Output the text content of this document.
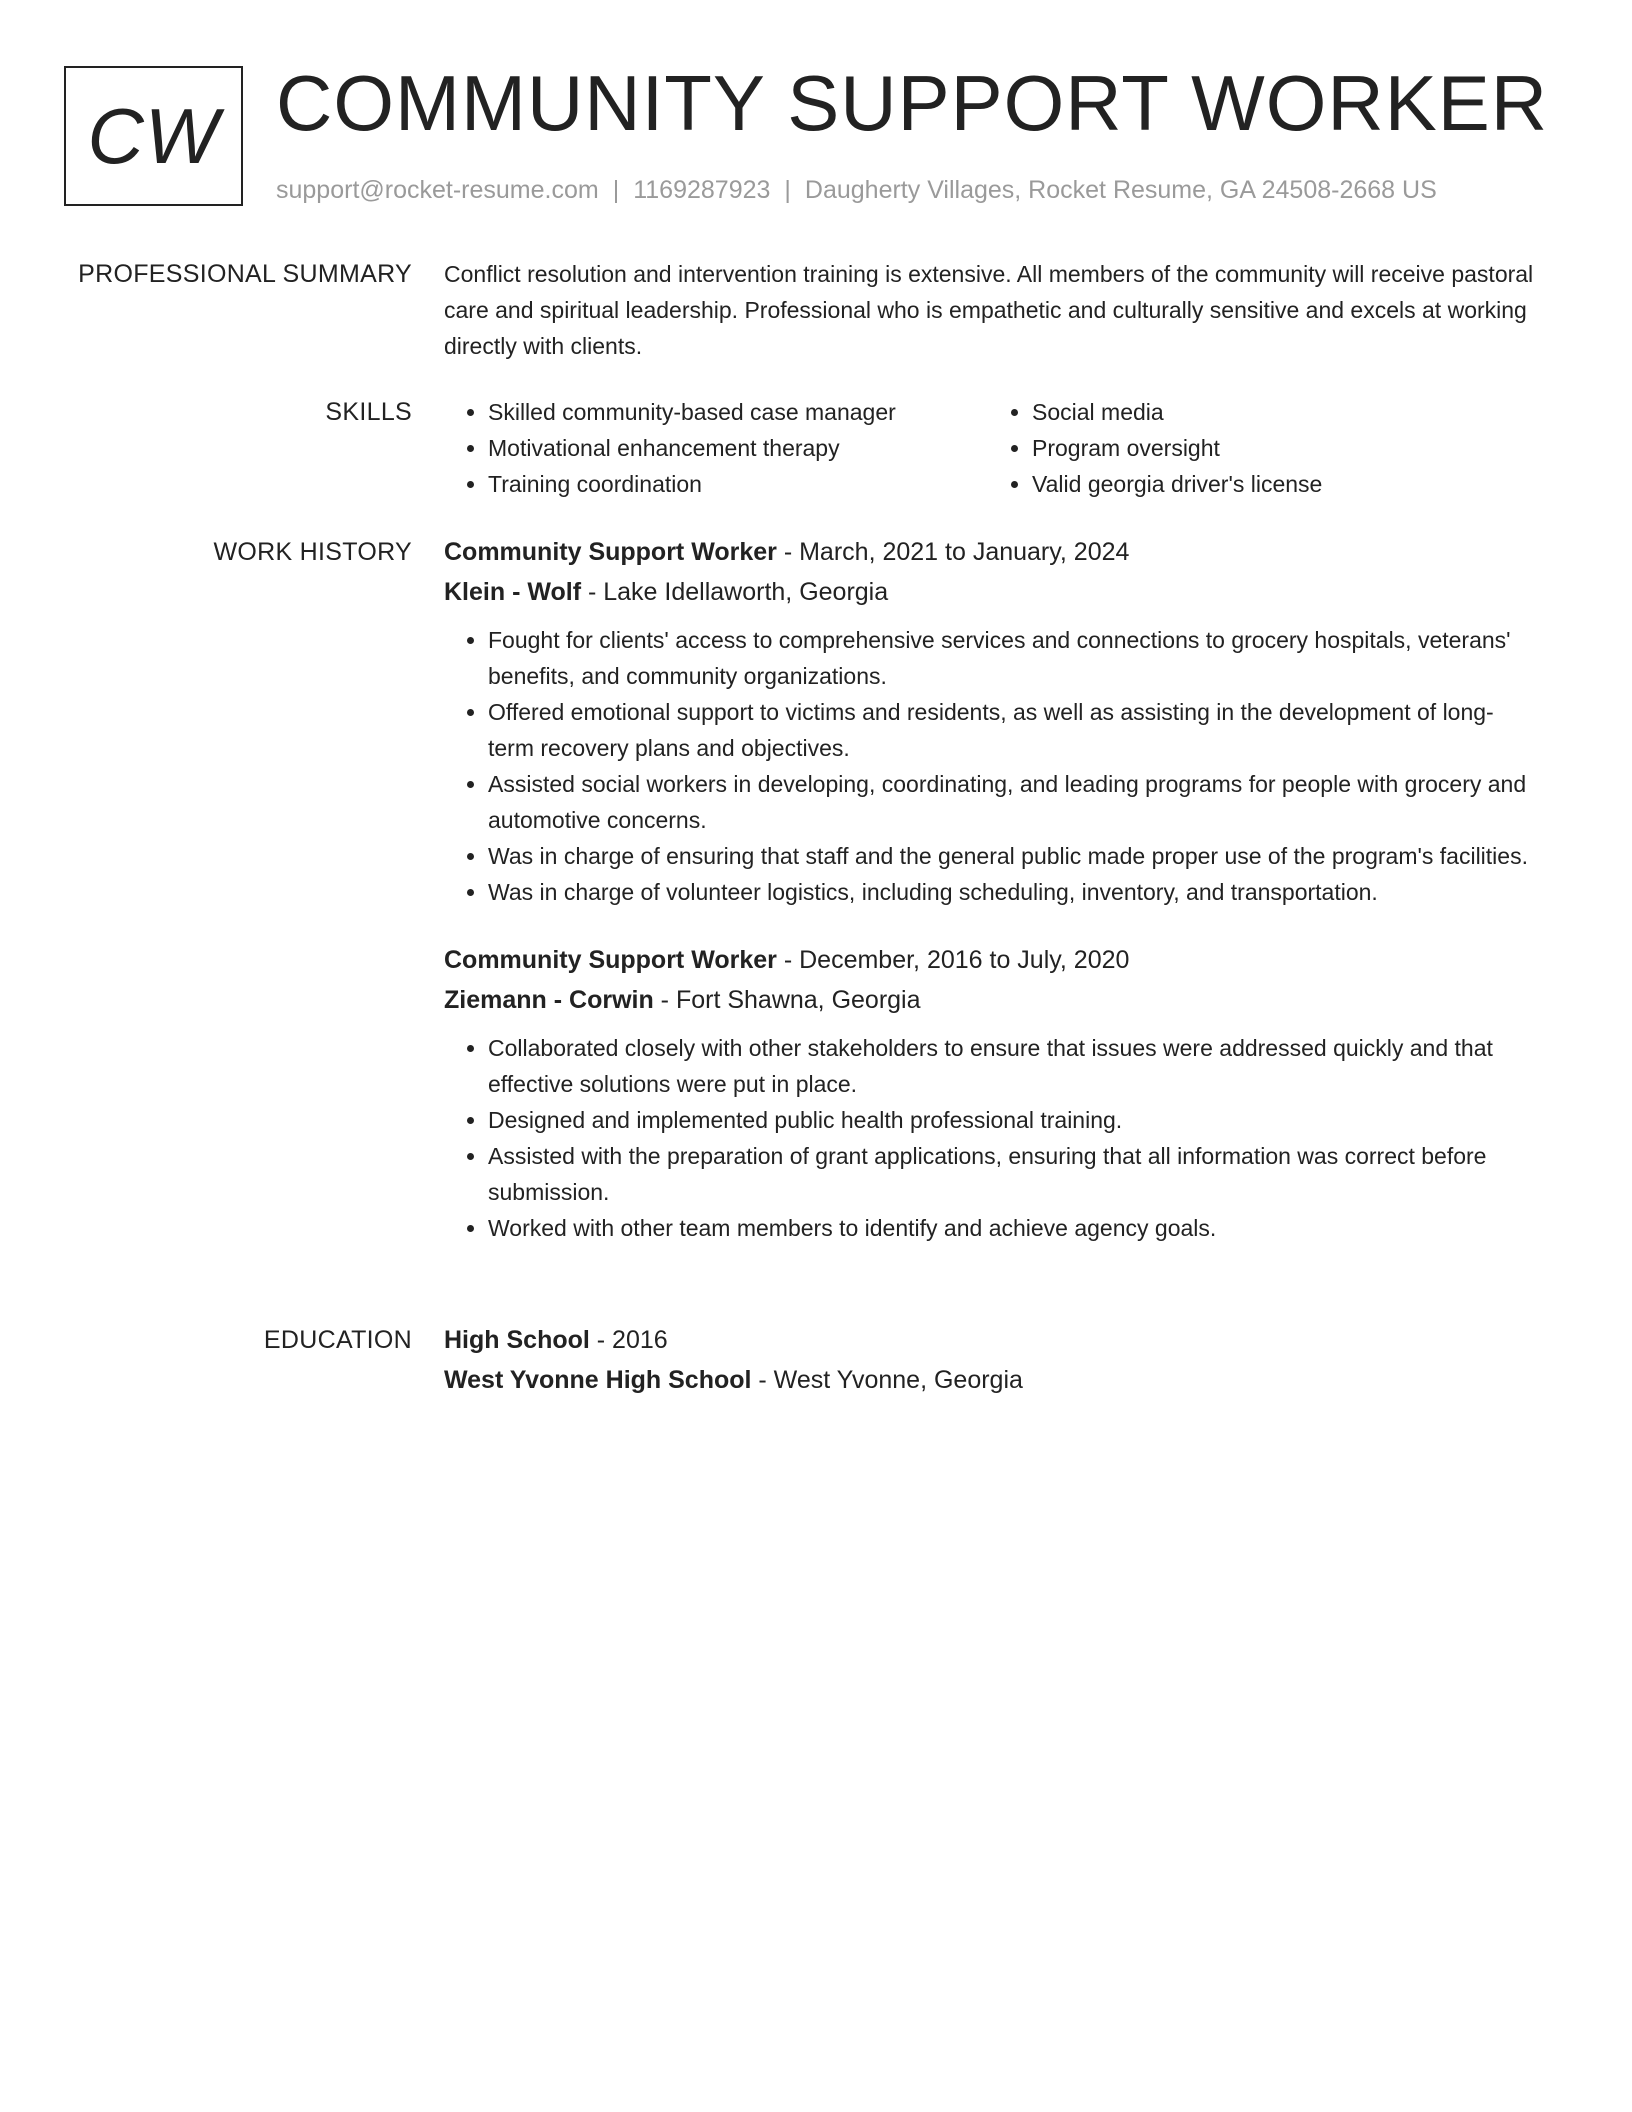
CW COMMUNITY SUPPORT WORKER
support@rocket-resume.com | 1169287923 | Daugherty Villages, Rocket Resume, GA 24508-2668 US
PROFESSIONAL SUMMARY Conflict resolution and intervention training is extensive. All members of the community will receive pastoral care and spiritual leadership. Professional who is empathetic and culturally sensitive and excels at working directly with clients.

SKILLS
•	Skilled community-based case manager
• Motivational enhancement therapy
• Training coordination
• Social media
• Program oversight
• Valid georgia driver's license
WORK HISTORY Community Support Worker - March, 2021 to January, 2024
Klein - Wolf - Lake Idellaworth, Georgia
• Fought for clients' access to comprehensive services and connections to grocery hospitals, veterans' benefits, and community organizations.
• Offered emotional support to victims and residents, as well as assisting in the development of long-term recovery plans and objectives.
• Assisted social workers in developing, coordinating, and leading programs for people with grocery and automotive concerns.
• Was in charge of ensuring that staff and the general public made proper use of the program's facilities.
• Was in charge of volunteer logistics, including scheduling, inventory, and transportation.
Community Support Worker - December, 2016 to July, 2020
Ziemann - Corwin - Fort Shawna, Georgia
• Collaborated closely with other stakeholders to ensure that issues were addressed quickly and that effective solutions were put in place.
• Designed and implemented public health professional training.
• Assisted with the preparation of grant applications, ensuring that all information was correct before submission.
• Worked with other team members to identify and achieve agency goals.
EDUCATION High School - 2016
West Yvonne High School - West Yvonne, Georgia
